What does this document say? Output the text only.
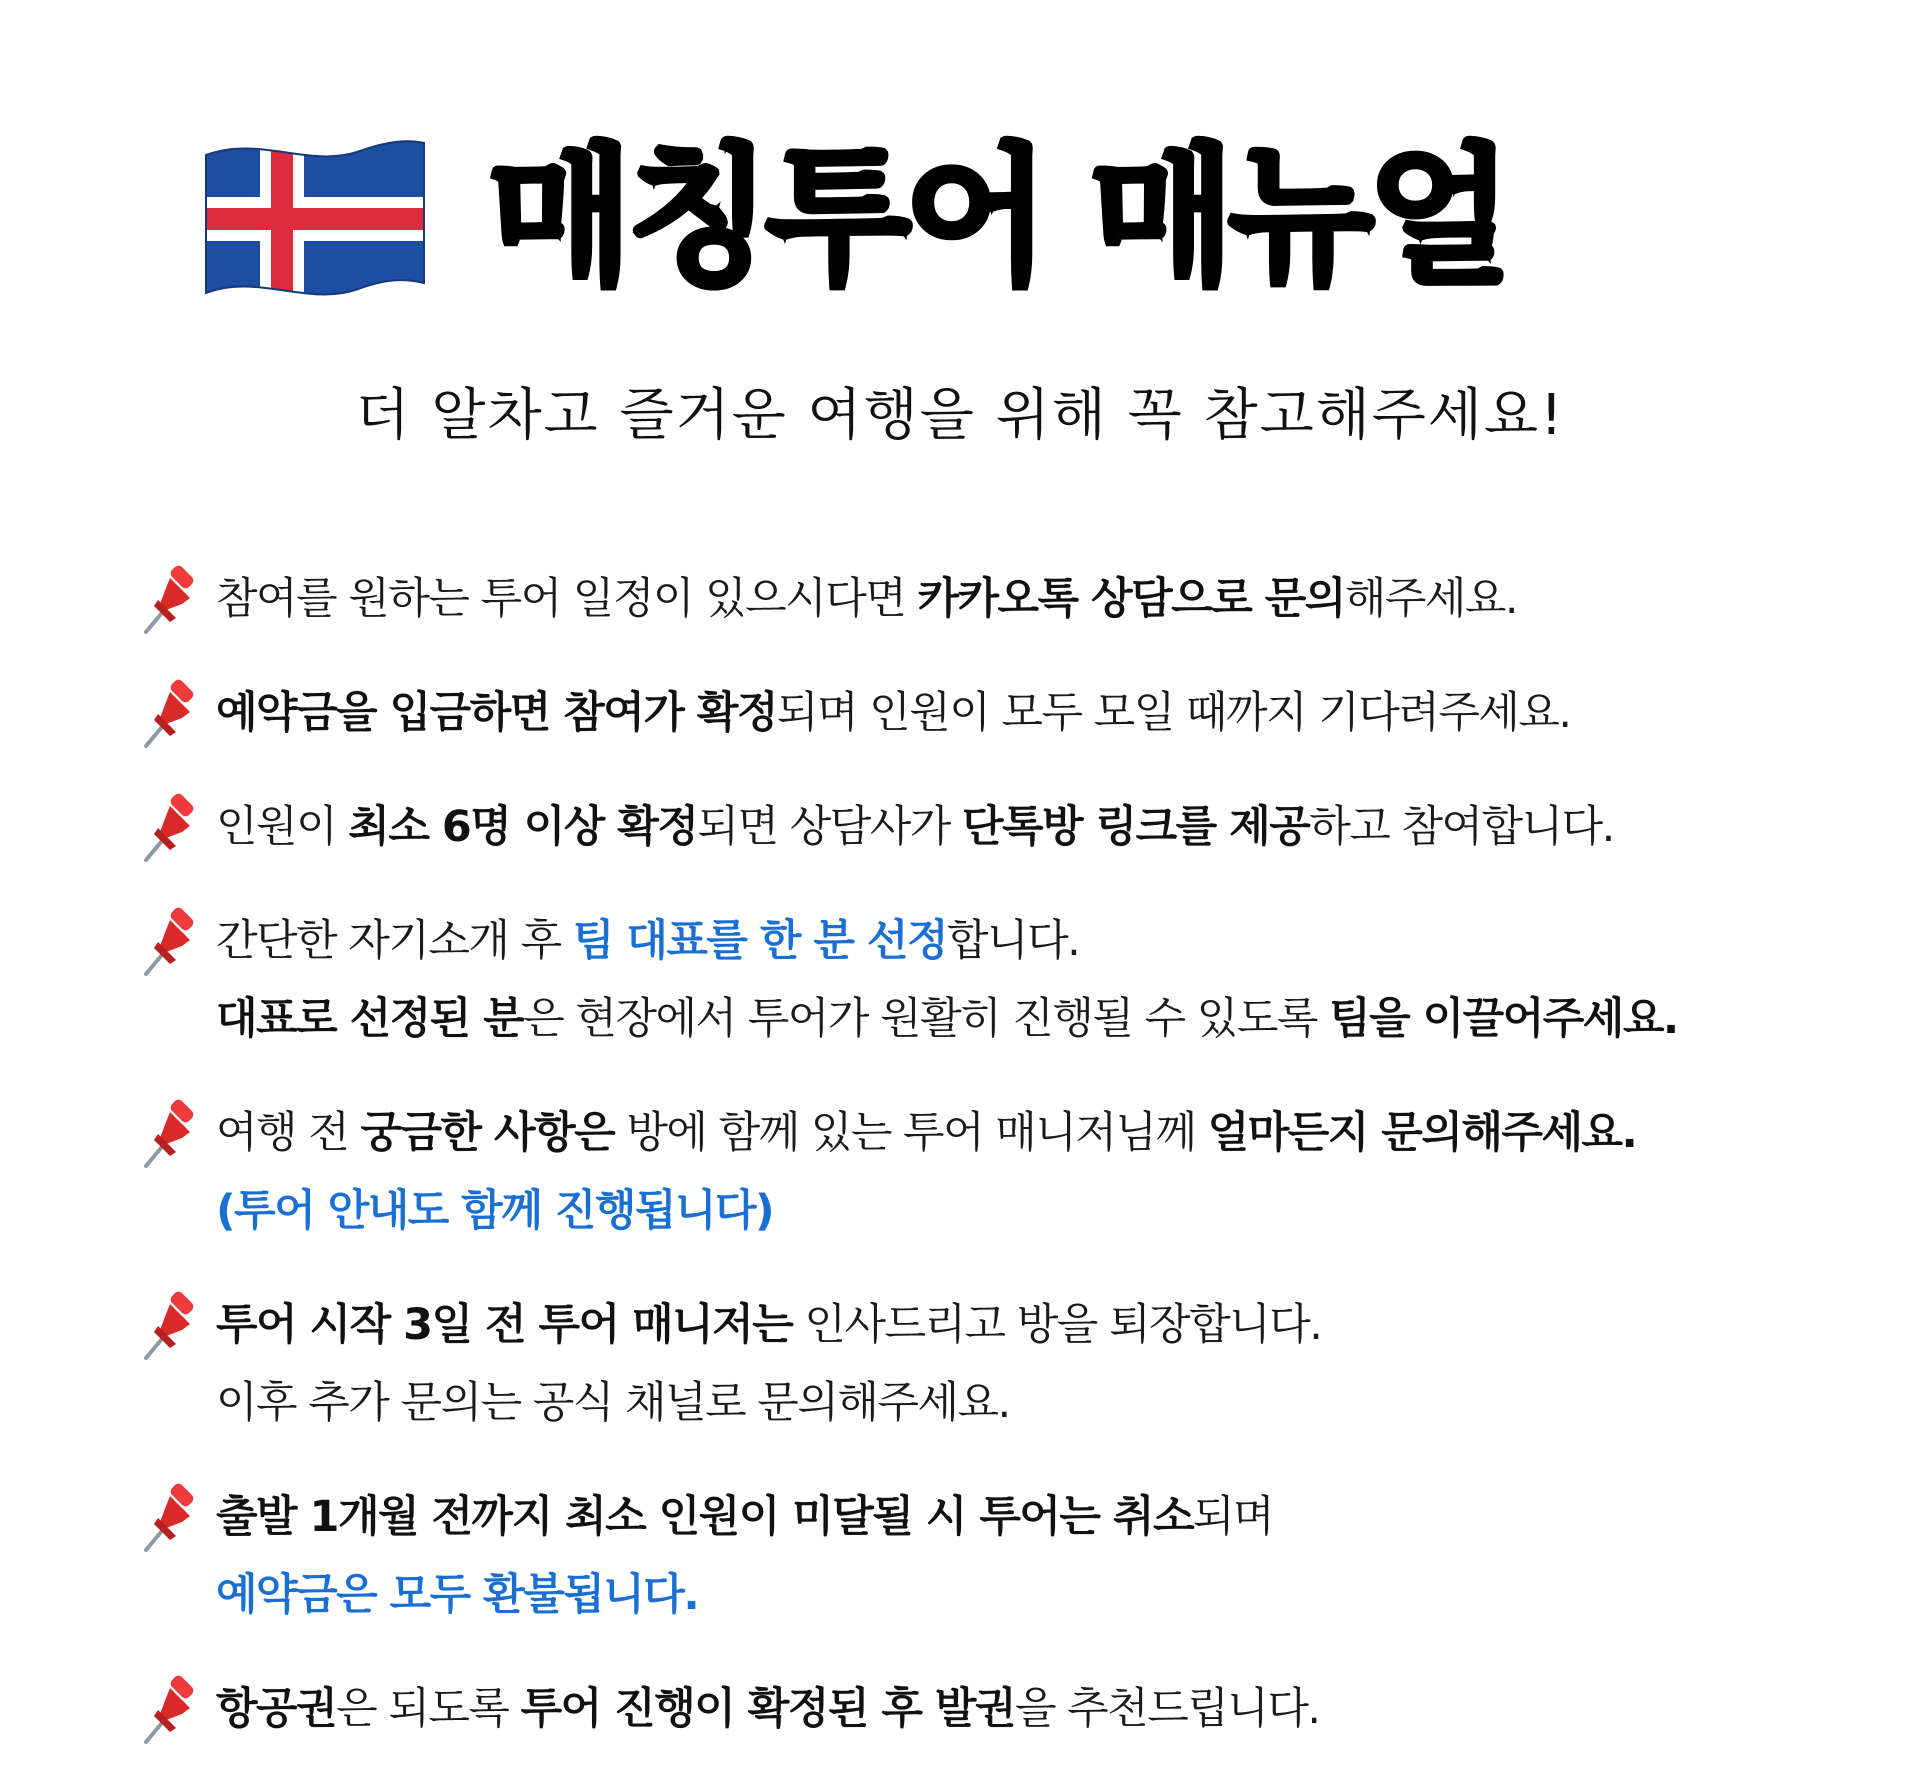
매칭투어 매뉴얼
더 알차고 즐거운 여행을 위해 꼭 참고해주세요!
참여를 원하는 투어 일정이 있으시다면 카카오톡 상담으로 문의해주세요.
예약금을 입금하면 참여가 확정되며 인원이 모두 모일 때까지 기다려주세요.
인원이 최소 6명 이상 확정되면 상담사가 단톡방 링크를 제공하고 참여합니다.
간단한 자기소개 후 팀 대표를 한 분 선정합니다.
대표로 선정된 분은 현장에서 투어가 원활히 진행될 수 있도록 팀을 이끌어주세요.
여행 전 궁금한 사항은 방에 함께 있는 투어 매니저님께 얼마든지 문의해주세요.
(투어 안내도 함께 진행됩니다)
투어 시작 3일 전 투어 매니저는 인사드리고 방을 퇴장합니다.
이후 추가 문의는 공식 채널로 문의해주세요.
출발 1개월 전까지 최소 인원이 미달될 시 투어는 취소되며
예약금은 모두 환불됩니다.
항공권은 되도록 투어 진행이 확정된 후 발권을 추천드립니다.
